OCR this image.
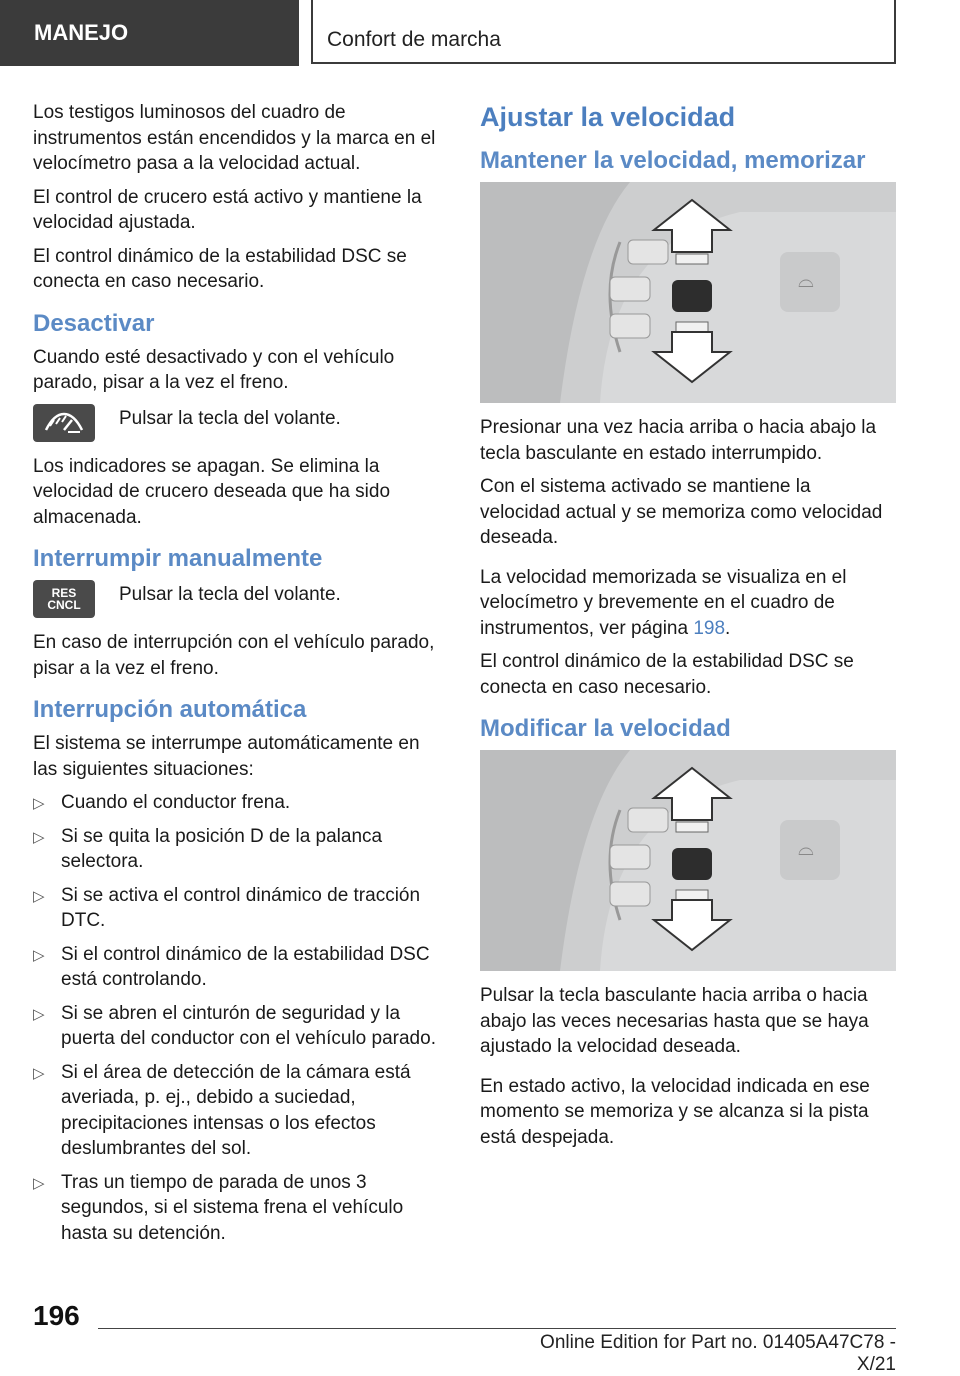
MANEJO	Confort de marcha

Los testigos luminosos del cuadro de instrumentos están encendidos y la marca en el velocímetro pasa a la velocidad actual.

El control de crucero está activo y mantiene la velocidad ajustada.

El control dinámico de la estabilidad DSC se conecta en caso necesario.

Desactivar

Cuando esté desactivado y con el vehículo parado, pisar a la vez el freno.

Pulsar la tecla del volante.

Los indicadores se apagan. Se elimina la velocidad de crucero deseada que ha sido almacenada.

Interrumpir manualmente
RES
CNCL Pulsar la tecla del volante.

En caso de interrupción con el vehículo parado, pisar a la vez el freno.

Interrupción automática

El sistema se interrumpe automáticamente en las siguientes situaciones:

▷ Cuando el conductor frena.
▷ Si se quita la posición D de la palanca selectora.
▷ Si se activa el control dinámico de tracción DTC.
▷ Si el control dinámico de la estabilidad DSC está controlando.
▷ Si se abren el cinturón de seguridad y la puerta del conductor con el vehículo parado.
▷ Si el área de detección de la cámara está averiada, p. ej., debido a suciedad, precipitaciones intensas o los efectos deslumbrantes del sol.
▷ Tras un tiempo de parada de unos 3 segundos, si el sistema frena el vehículo hasta su detención.
Ajustar la velocidad
Mantener la velocidad, memorizar
⌓

Presionar una vez hacia arriba o hacia abajo la tecla basculante en estado interrumpido.

Con el sistema activado se mantiene la velocidad actual y se memoriza como velocidad deseada.

La velocidad memorizada se visualiza en el velocímetro y brevemente en el cuadro de instrumentos, ver página 198.

El control dinámico de la estabilidad DSC se conecta en caso necesario.

Modificar la velocidad
⌓

Pulsar la tecla basculante hacia arriba o hacia abajo las veces necesarias hasta que se haya ajustado la velocidad deseada.

En estado activo, la velocidad indicada en ese momento se memoriza y se alcanza si la pista está despejada.

196
Online Edition for Part no. 01405A47C78 - X/21
